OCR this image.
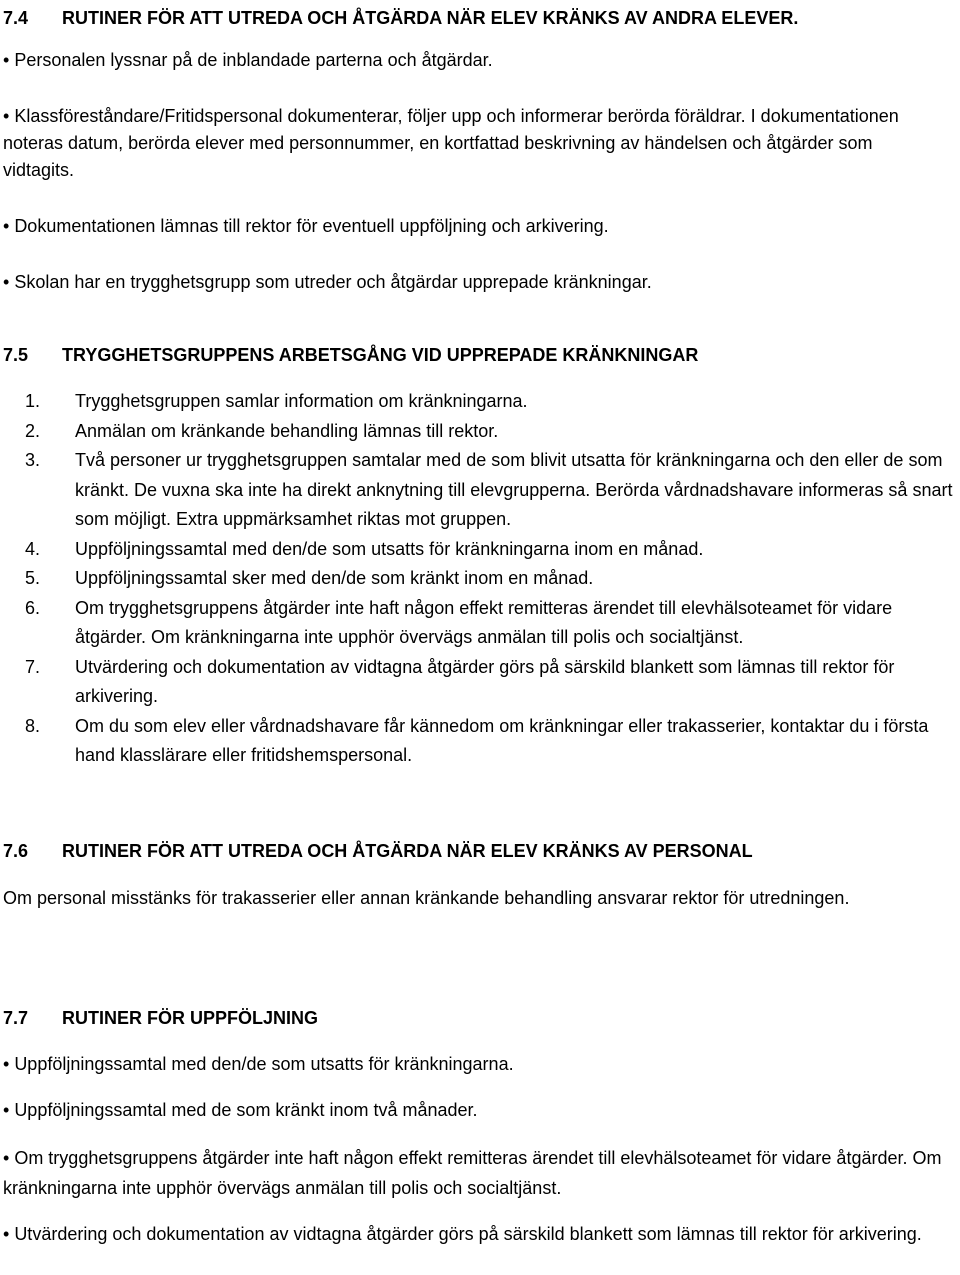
7.4	RUTINER FÖR ATT UTREDA OCH ÅTGÄRDA NÄR ELEV KRÄNKS AV ANDRA ELEVER.
• Personalen lyssnar på de inblandade parterna och åtgärdar.
• Klassföreståndare/Fritidspersonal dokumenterar, följer upp och informerar berörda föräldrar. I dokumentationen noteras datum, berörda elever med personnummer, en kortfattad beskrivning av händelsen och åtgärder som vidtagits.
• Dokumentationen lämnas till rektor för eventuell uppföljning och arkivering.
• Skolan har en trygghetsgrupp som utreder och åtgärdar upprepade kränkningar.
7.5	TRYGGHETSGRUPPENS ARBETSGÅNG VID UPPREPADE KRÄNKNINGAR
1.	Trygghetsgruppen samlar information om kränkningarna.
2.	Anmälan om kränkande behandling lämnas till rektor.
3.	Två personer ur trygghetsgruppen samtalar med de som blivit utsatta för kränkningarna och den eller de som kränkt. De vuxna ska inte ha direkt anknytning till elevgrupperna. Berörda vårdnadshavare informeras så snart som möjligt. Extra uppmärksamhet riktas mot gruppen.
4.	Uppföljningssamtal med den/de som utsatts för kränkningarna inom en månad.
5.	Uppföljningssamtal sker med den/de som kränkt inom en månad.
6.	Om trygghetsgruppens åtgärder inte haft någon effekt remitteras ärendet till elevhälsoteamet för vidare åtgärder. Om kränkningarna inte upphör övervägs anmälan till polis och socialtjänst.
7.	Utvärdering och dokumentation av vidtagna åtgärder görs på särskild blankett som lämnas till rektor för arkivering.
8.	Om du som elev eller vårdnadshavare får kännedom om kränkningar eller trakasserier, kontaktar du i första hand klasslärare eller fritidshemspersonal.
7.6	RUTINER FÖR ATT UTREDA OCH ÅTGÄRDA NÄR ELEV KRÄNKS AV PERSONAL
Om personal misstänks för trakasserier eller annan kränkande behandling ansvarar rektor för utredningen.
7.7	RUTINER FÖR UPPFÖLJNING
• Uppföljningssamtal med den/de som utsatts för kränkningarna.
• Uppföljningssamtal med de som kränkt inom två månader.
• Om trygghetsgruppens åtgärder inte haft någon effekt remitteras ärendet till elevhälsoteamet för vidare åtgärder. Om kränkningarna inte upphör övervägs anmälan till polis och socialtjänst.
• Utvärdering och dokumentation av vidtagna åtgärder görs på särskild blankett som lämnas till rektor för arkivering.
